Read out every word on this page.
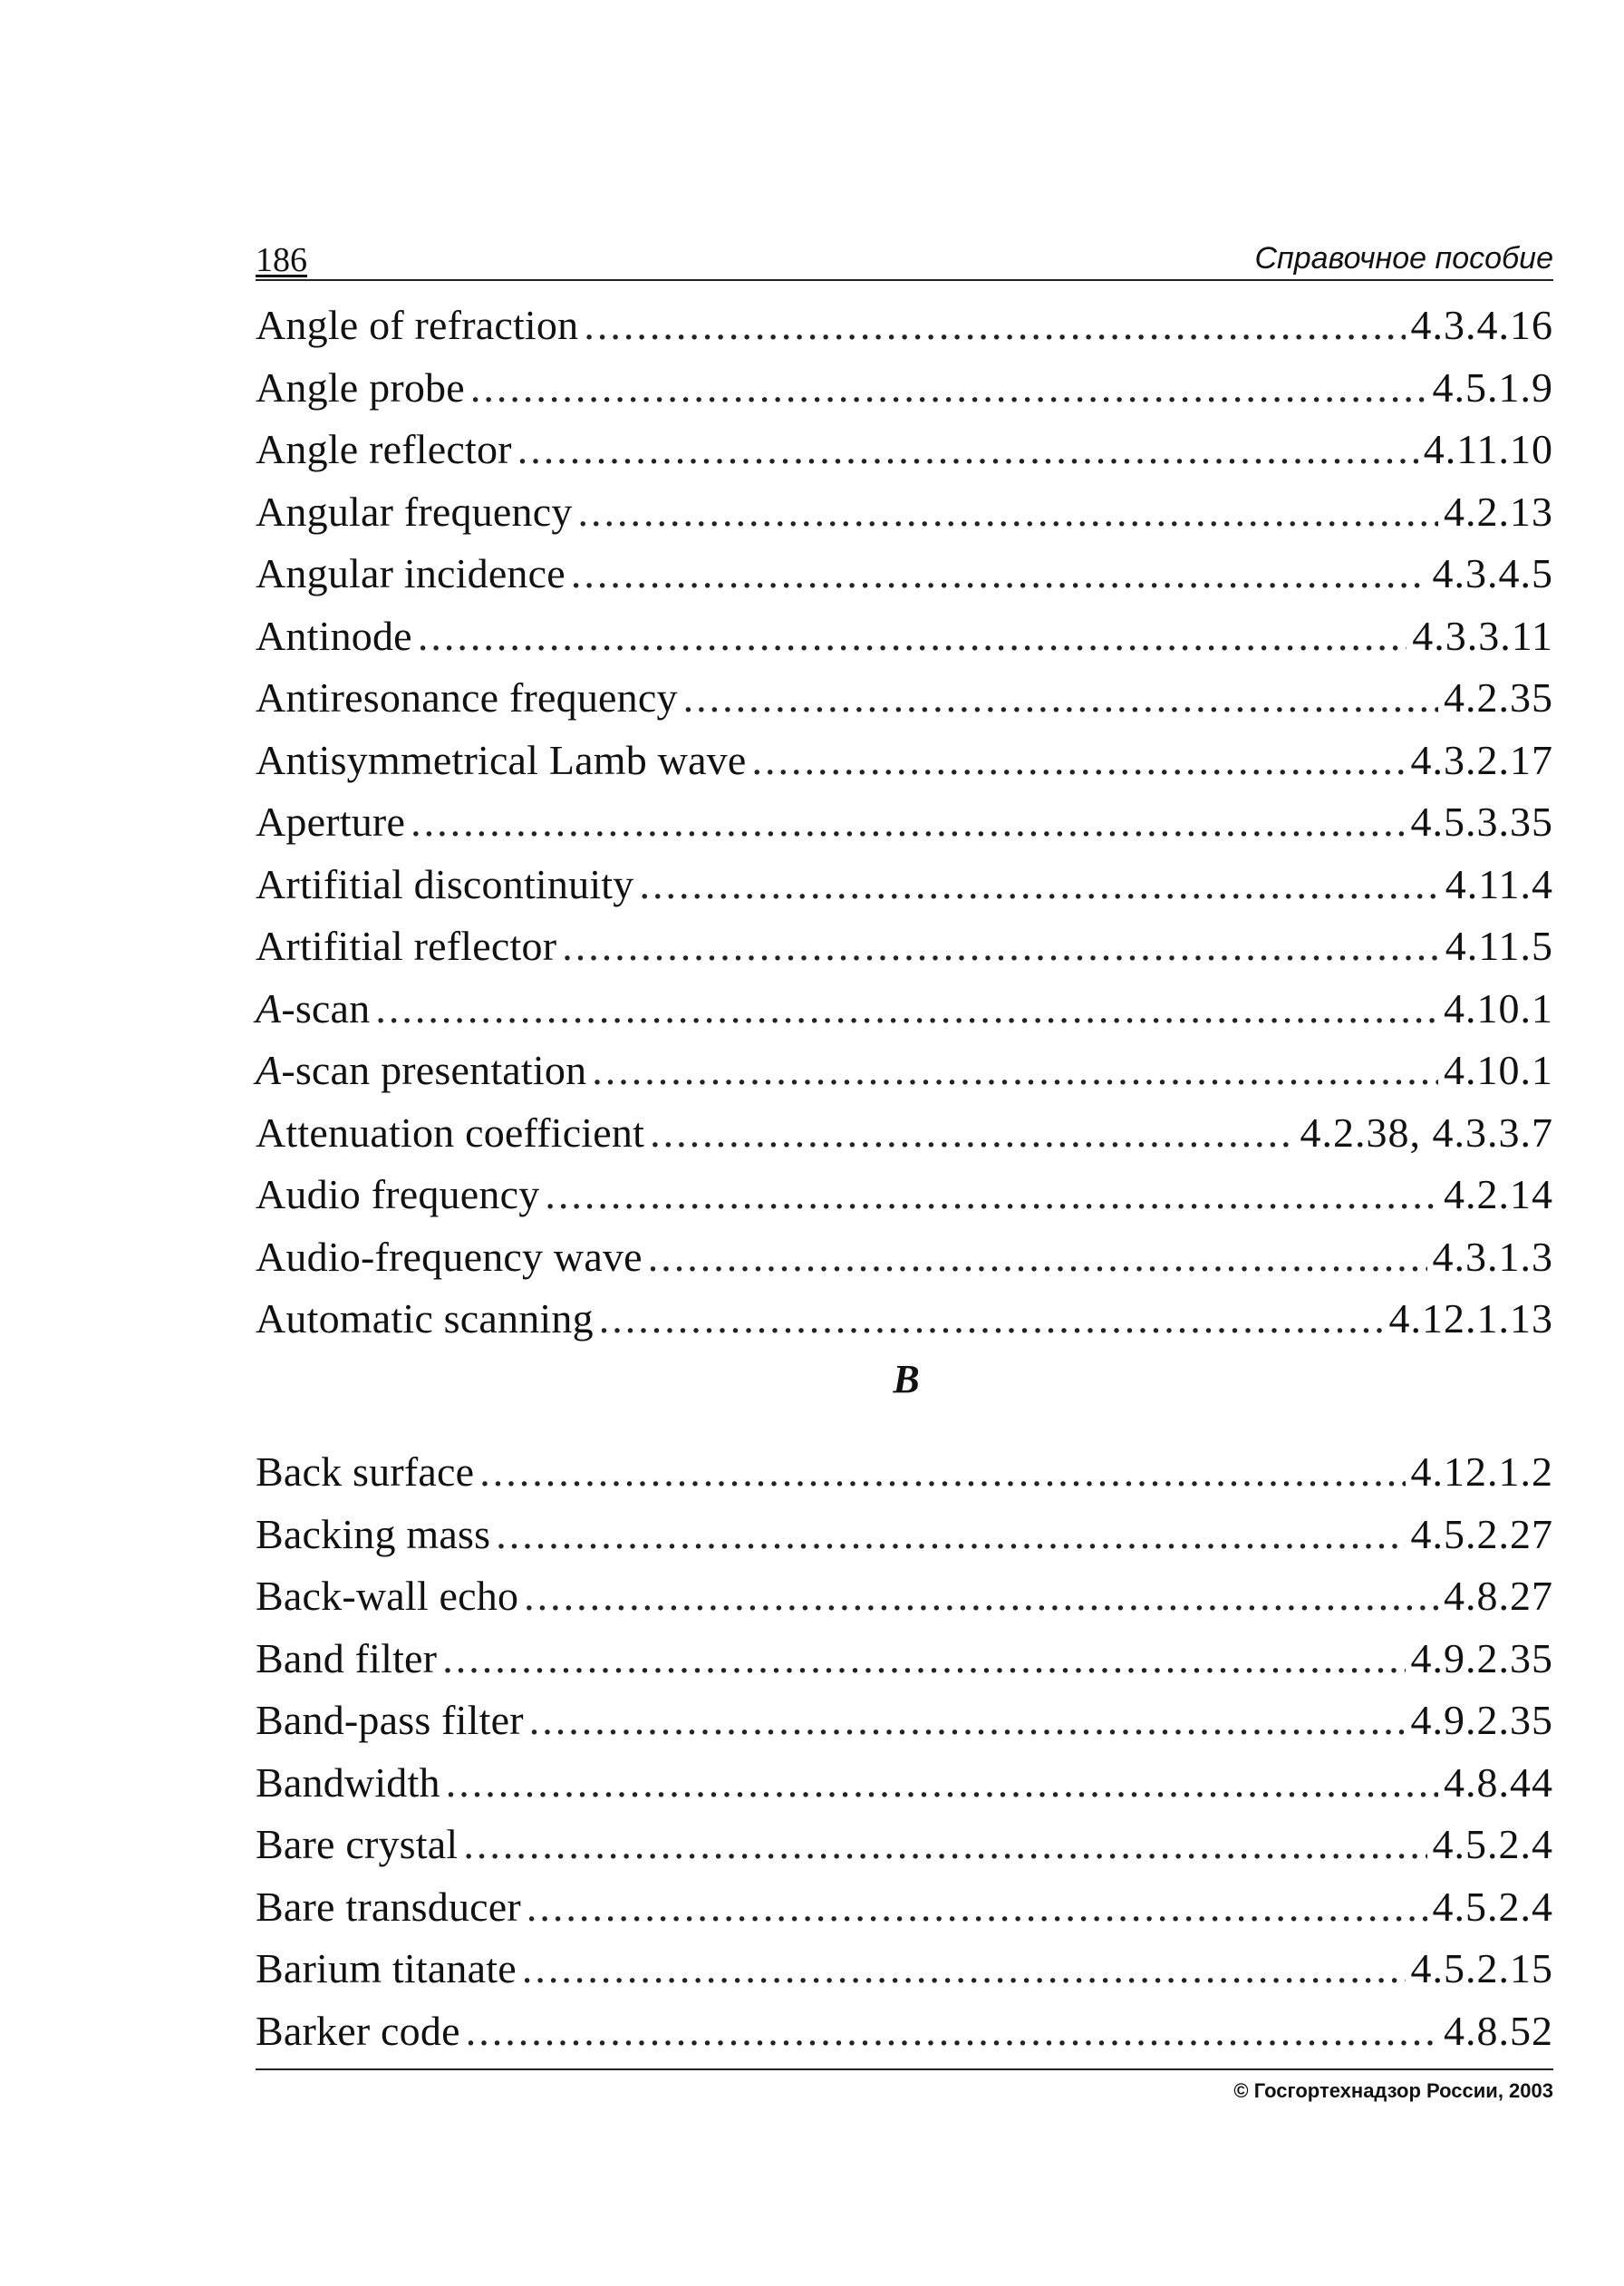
186	Справочное пособие
Angle of refraction .....	4.3.4.16
Angle probe .....	4.5.1.9
Angle reflector .....	4.11.10
Angular frequency .....	4.2.13
Angular incidence .....	4.3.4.5
Antinode .....	4.3.3.11
Antiresonance frequency .....	4.2.35
Antisymmetrical Lamb wave .....	4.3.2.17
Aperture .....	4.5.3.35
Artifitial discontinuity .....	4.11.4
Artifitial reflector .....	4.11.5
A-scan .....	4.10.1
A-scan presentation .....	4.10.1
Attenuation coefficient .....	4.2.38, 4.3.3.7
Audio frequency .....	4.2.14
Audio-frequency wave .....	4.3.1.3
Automatic scanning .....	4.12.1.13
B
Back surface .....	4.12.1.2
Backing mass .....	4.5.2.27
Back-wall echo .....	4.8.27
Band filter .....	4.9.2.35
Band-pass filter .....	4.9.2.35
Bandwidth .....	4.8.44
Bare crystal .....	4.5.2.4
Bare transducer .....	4.5.2.4
Barium titanate .....	4.5.2.15
Barker code .....	4.8.52
© Госгортехнадзор России, 2003
